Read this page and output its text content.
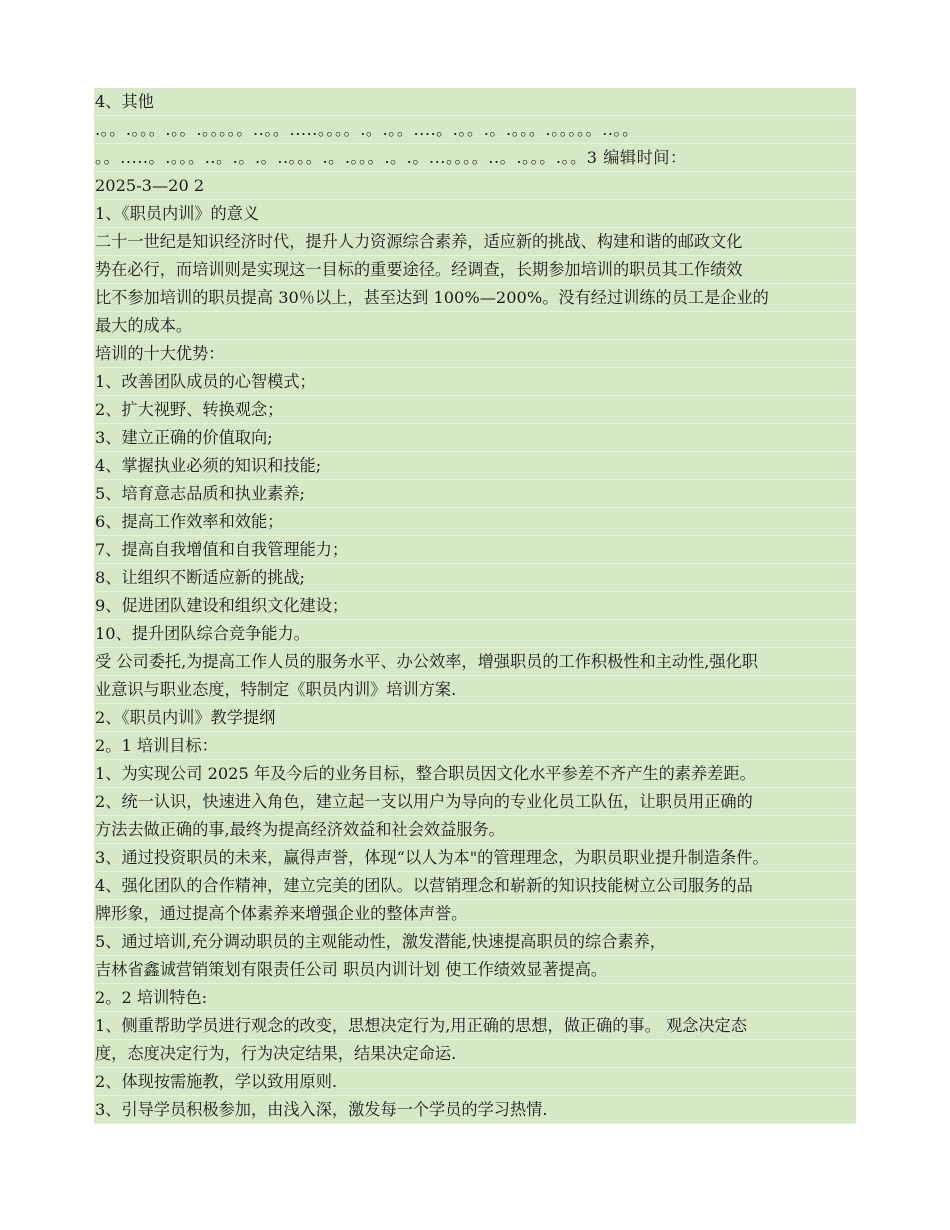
4、其他
.。。.。。。.。。.。。。。。..。。.....。。。。.。.。。....。.。。.。.。。。.。。。。。..。。
。。.....。.。。。..。.。.。..。。。.。.。。。.。.。...。。。。..。.。。。.。。3 编辑时间：
2025-3—20 2
1、《职员内训》的意义
二十一世纪是知识经济时代，提升人力资源综合素养，适应新的挑战、构建和谐的邮政文化
势在必行，而培训则是实现这一目标的重要途径。经调查，长期参加培训的职员其工作绩效
比不参加培训的职员提高 30％以上，甚至达到 100%—200%。没有经过训练的员工是企业的
最大的成本。
培训的十大优势：
1、改善团队成员的心智模式；
2、扩大视野、转换观念；
3、建立正确的价值取向;
4、掌握执业必须的知识和技能;
5、培育意志品质和执业素养;
6、提高工作效率和效能；
7、提高自我增值和自我管理能力；
8、让组织不断适应新的挑战;
9、促进团队建设和组织文化建设；
10、提升团队综合竞争能力。
受 公司委托,为提高工作人员的服务水平、办公效率，增强职员的工作积极性和主动性,强化职
业意识与职业态度，特制定《职员内训》培训方案.
2、《职员内训》教学提纲
2。1 培训目标：
1、为实现公司 2025 年及今后的业务目标，整合职员因文化水平参差不齐产生的素养差距。
2、统一认识，快速进入角色，建立起一支以用户为导向的专业化员工队伍，让职员用正确的
方法去做正确的事,最终为提高经济效益和社会效益服务。
3、通过投资职员的未来，赢得声誉，体现“以人为本"的管理理念，为职员职业提升制造条件。
4、强化团队的合作精神，建立完美的团队。以营销理念和崭新的知识技能树立公司服务的品
牌形象，通过提高个体素养来增强企业的整体声誉。
5、通过培训,充分调动职员的主观能动性，激发潜能,快速提高职员的综合素养，
吉林省鑫诚营销策划有限责任公司 职员内训计划 使工作绩效显著提高。
2。2 培训特色:
1、侧重帮助学员进行观念的改变，思想决定行为,用正确的思想，做正确的事。 观念决定态
度，态度决定行为，行为决定结果，结果决定命运.
2、体现按需施教，学以致用原则.
3、引导学员积极参加，由浅入深，激发每一个学员的学习热情.
